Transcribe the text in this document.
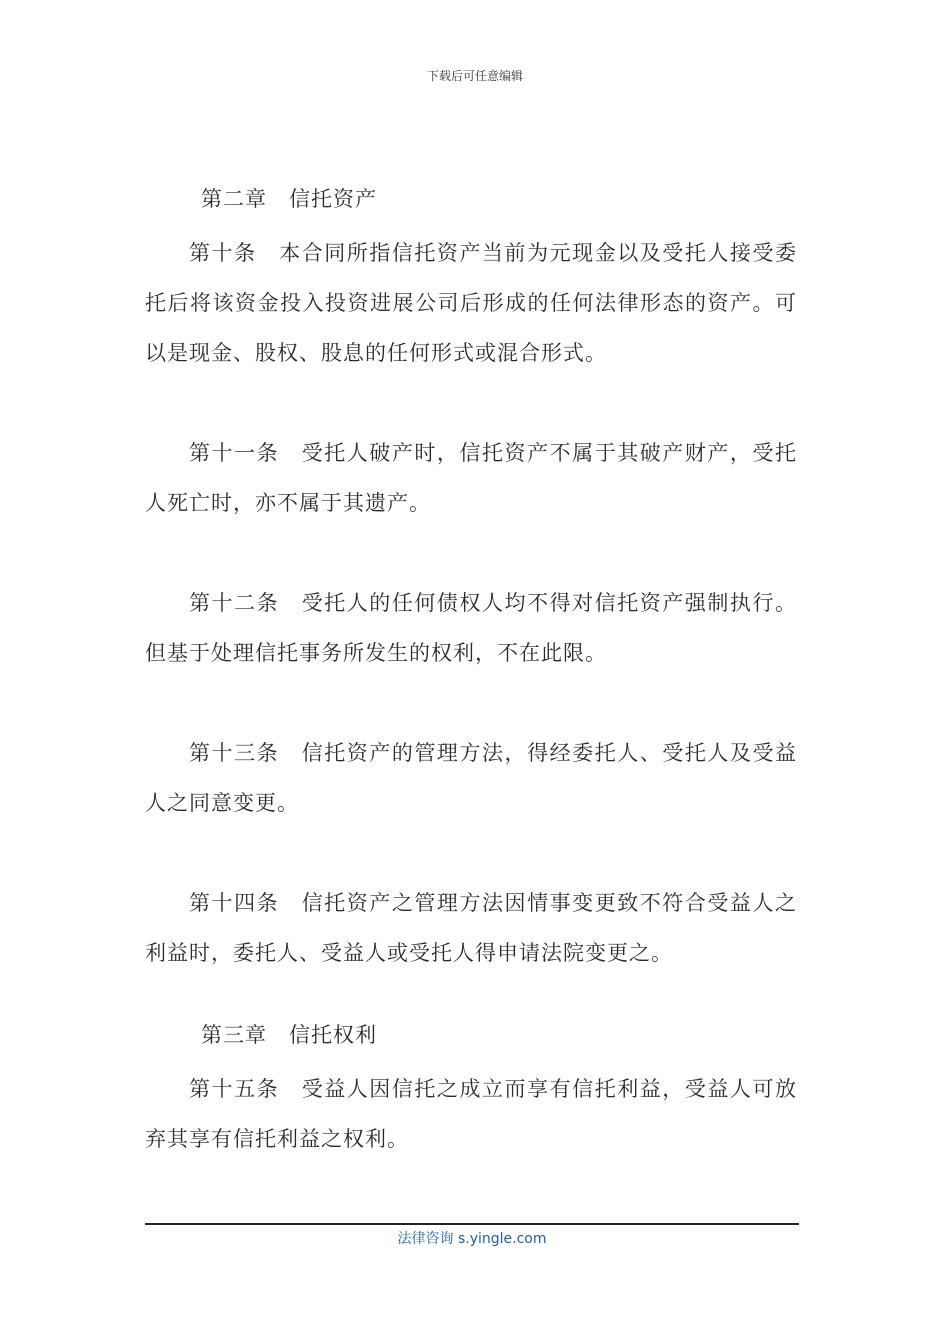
下载后可任意编辑
第二章　信托资产

第十条　本合同所指信托资产当前为元现金以及受托人接受委托后将该资金投入投资进展公司后形成的任何法律形态的资产。可以是现金、股权、股息的任何形式或混合形式。

第十一条　受托人破产时，信托资产不属于其破产财产，受托人死亡时，亦不属于其遗产。

第十二条　受托人的任何债权人均不得对信托资产强制执行。但基于处理信托事务所发生的权利，不在此限。

第十三条　信托资产的管理方法，得经委托人、受托人及受益人之同意变更。

第十四条　信托资产之管理方法因情事变更致不符合受益人之利益时，委托人、受益人或受托人得申请法院变更之。

第三章　信托权利

第十五条　受益人因信托之成立而享有信托利益，受益人可放弃其享有信托利益之权利。

法律咨询 s.yingle.com
